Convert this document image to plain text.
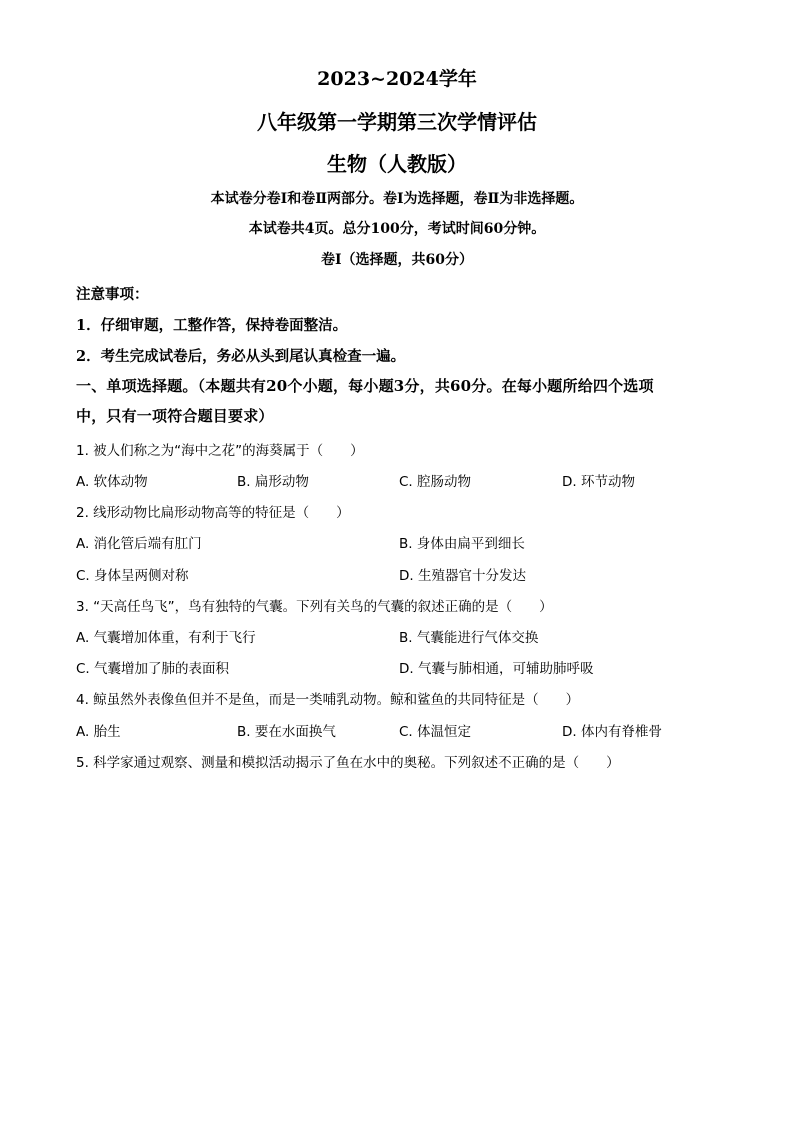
2023~2024学年
八年级第一学期第三次学情评估
生物（人教版）
本试卷分卷Ⅰ和卷Ⅱ两部分。卷Ⅰ为选择题，卷Ⅱ为非选择题。
本试卷共4页。总分100分，考试时间60分钟。
卷Ⅰ（选择题，共60分）
注意事项：
1．仔细审题，工整作答，保持卷面整洁。
2．考生完成试卷后，务必从头到尾认真检查一遍。
一、单项选择题。（本题共有20个小题，每小题3分，共60分。在每小题所给四个选项
中，只有一项符合题目要求）
1. 被人们称之为“海中之花”的海葵属于（　　）
A. 软体动物	B. 扁形动物	C. 腔肠动物	D. 环节动物
2. 线形动物比扁形动物高等的特征是（　　）
A. 消化管后端有肛门	B. 身体由扁平到细长
C. 身体呈两侧对称	D. 生殖器官十分发达
3. “天高任鸟飞”，鸟有独特的气囊。下列有关鸟的气囊的叙述正确的是（　　）
A. 气囊增加体重，有利于飞行	B. 气囊能进行气体交换
C. 气囊增加了肺的表面积	D. 气囊与肺相通，可辅助肺呼吸
4. 鲸虽然外表像鱼但并不是鱼，而是一类哺乳动物。鲸和鲨鱼的共同特征是（　　）
A. 胎生	B. 要在水面换气	C. 体温恒定	D. 体内有脊椎骨
5. 科学家通过观察、测量和模拟活动揭示了鱼在水中的奥秘。下列叙述不正确的是（　　）
